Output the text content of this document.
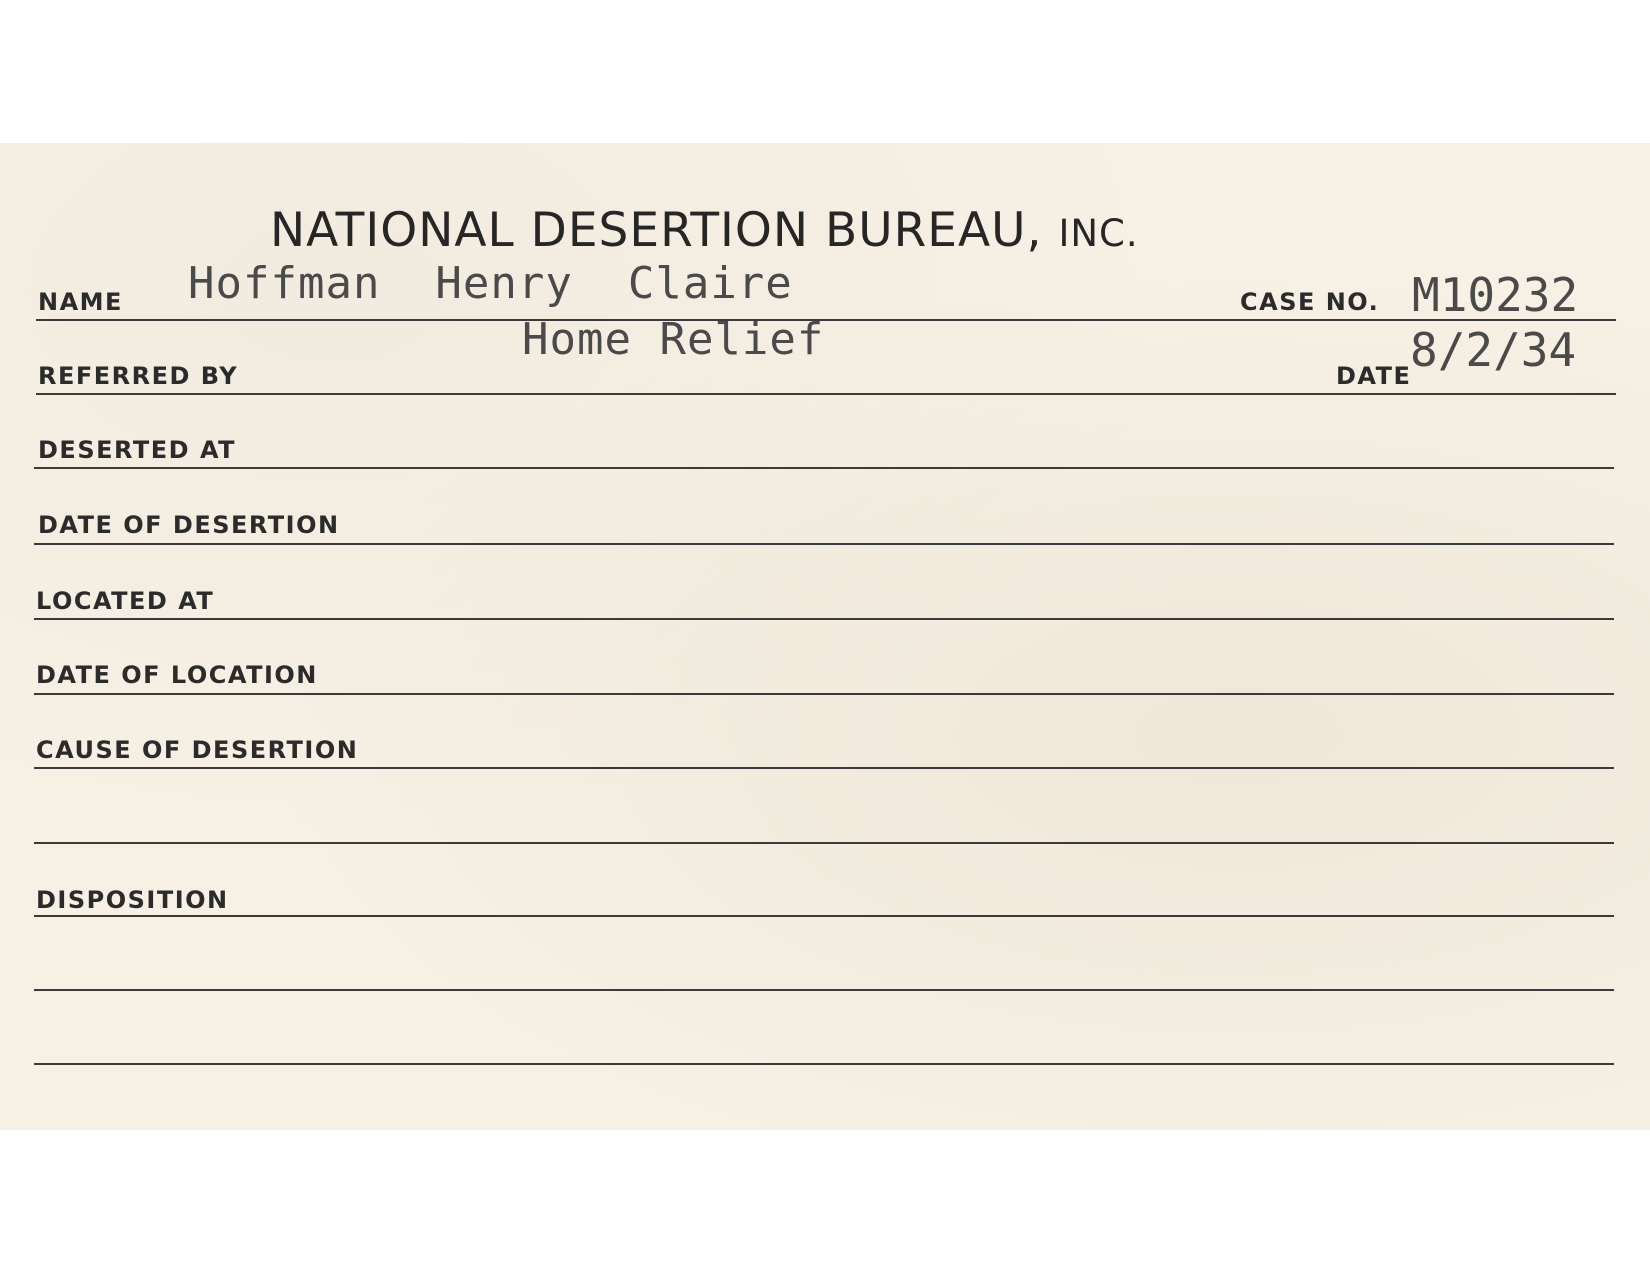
NATIONAL DESERTION BUREAU, INC.
NAME Hoffman  Henry  Claire	CASE NO. M10232
REFERRED BY
Home Relief
DATE
8/2/34
DESERTED AT
DATE OF DESERTION
LOCATED AT
DATE OF LOCATION
CAUSE OF DESERTION
DISPOSITION
